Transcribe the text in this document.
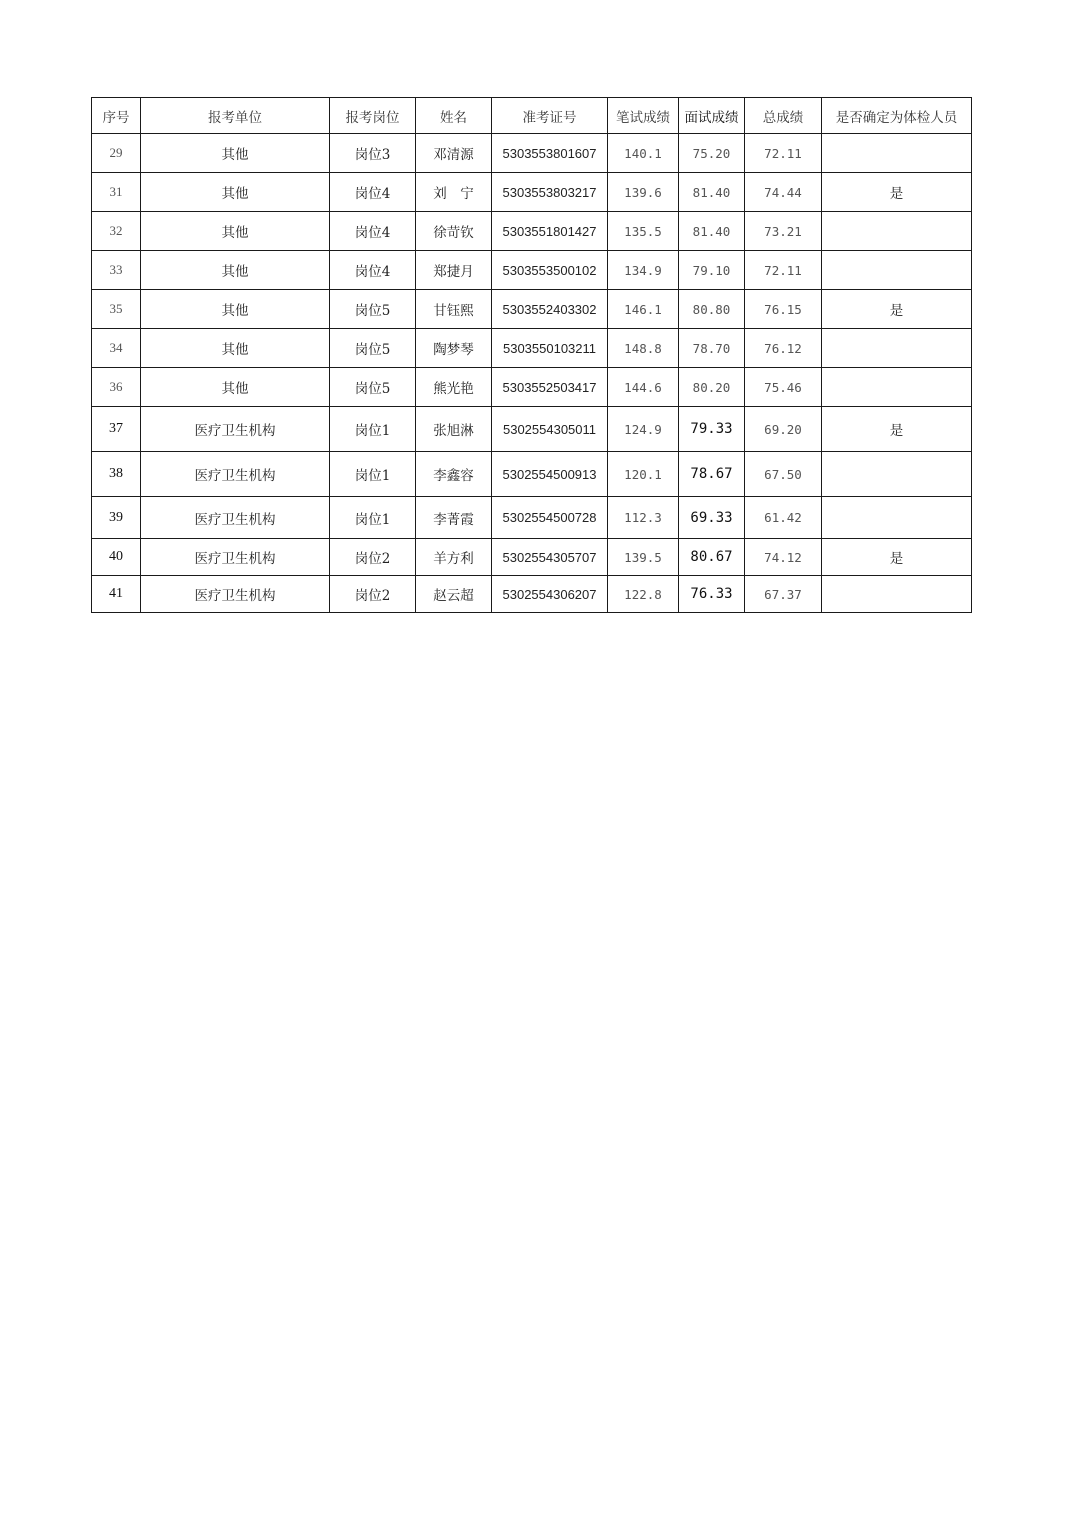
序号	报考单位	报考岗位	姓名	准考证号	笔试成绩	面试成绩	总成绩	是否确定为体检人员
29	其他	岗位3	邓清源	5303553801607	140.1	75.20	72.11	
31	其他	岗位4	刘　宁	5303553803217	139.6	81.40	74.44	是
32	其他	岗位4	徐苛钦	5303551801427	135.5	81.40	73.21	
33	其他	岗位4	郑捷月	5303553500102	134.9	79.10	72.11	
35	其他	岗位5	甘钰熙	5303552403302	146.1	80.80	76.15	是
34	其他	岗位5	陶梦琴	5303550103211	148.8	78.70	76.12	
36	其他	岗位5	熊光艳	5303552503417	144.6	80.20	75.46	
37	医疗卫生机构	岗位1	张旭淋	5302554305011	124.9	79.33	69.20	是
38	医疗卫生机构	岗位1	李鑫容	5302554500913	120.1	78.67	67.50	
39	医疗卫生机构	岗位1	李菁霞	5302554500728	112.3	69.33	61.42	
40	医疗卫生机构	岗位2	羊方利	5302554305707	139.5	80.67	74.12	是
41	医疗卫生机构	岗位2	赵云超	5302554306207	122.8	76.33	67.37	
